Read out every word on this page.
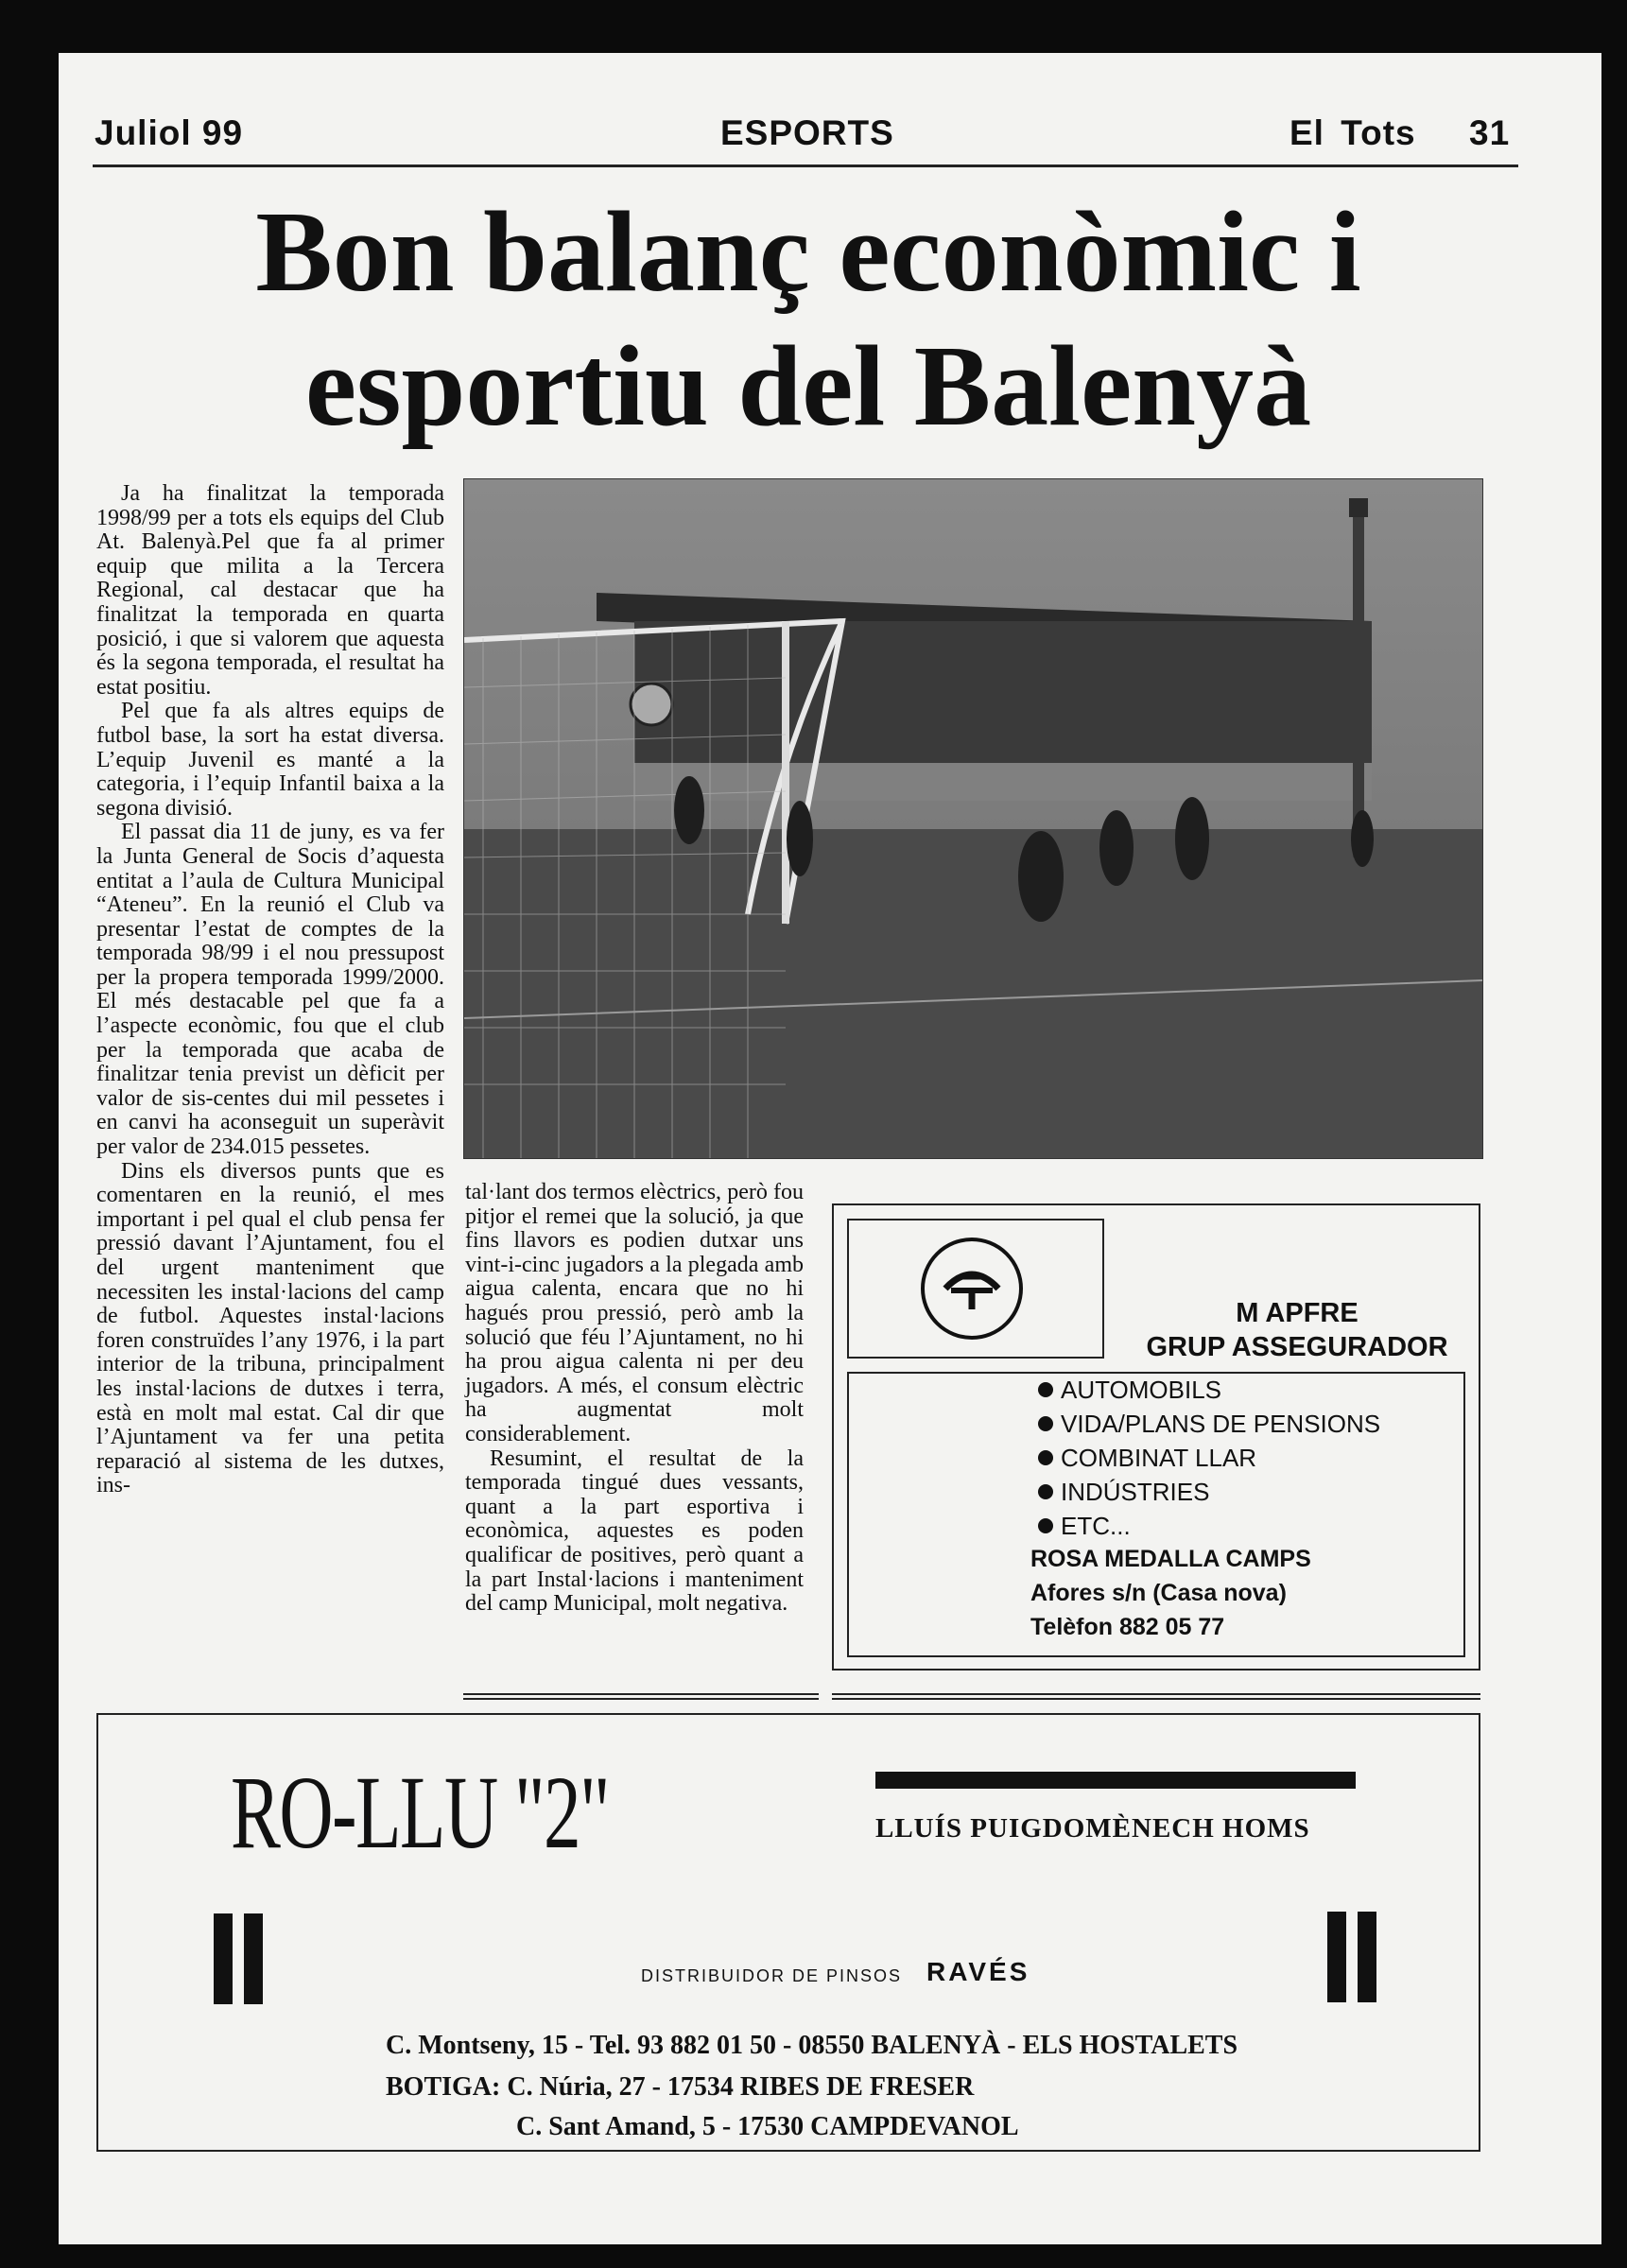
Juliol 99	ESPORTS	El Tots 31
Bon balanç econòmic i
esportiu del Balenyà

Ja ha finalitzat la temporada 1998/99 per a tots els equips del Club At. Balenyà.Pel que fa al primer equip que milita a la Tercera Regional, cal destacar que ha finalitzat la temporada en quarta posició, i que si valorem que aquesta és la segona temporada, el resultat ha estat positiu.

Pel que fa als altres equips de futbol base, la sort ha estat diversa. L’equip Juvenil es manté a la categoria, i l’equip Infantil baixa a la segona divisió.

El passat dia 11 de juny, es va fer la Junta General de Socis d’aquesta entitat a l’aula de Cultura Municipal “Ateneu”. En la reunió el Club va presentar l’estat de comptes de la temporada 98/99 i el nou pressupost per la propera temporada 1999/2000. El més destacable pel que fa a l’aspecte econòmic, fou que el club per la temporada que acaba de finalitzar tenia previst un dèficit per valor de sis-centes dui mil pessetes i en canvi ha aconseguit un superàvit per valor de 234.015 pessetes.

Dins els diversos punts que es comentaren en la reunió, el mes important i pel qual el club pensa fer pressió davant l’Ajuntament, fou el del urgent manteniment que necessiten les instal·lacions del camp de futbol. Aquestes instal·lacions foren construïdes l’any 1976, i la part interior de la tribuna, principalment les instal·lacions de dutxes i terra, està en molt mal estat. Cal dir que l’Ajuntament va fer una petita reparació al sistema de les dutxes, ins-

tal·lant dos termos elèctrics, però fou pitjor el remei que la solució, ja que fins llavors es podien dutxar uns vint-i-cinc jugadors a la plegada amb aigua calenta, encara que no hi hagués prou pressió, però amb la solució que féu l’Ajuntament, no hi ha prou aigua calenta ni per deu jugadors. A més, el consum elèctric ha augmentat molt considerablement.

Resumint, el resultat de la temporada tingué dues vessants, quant a la part esportiva i econòmica, aquestes es poden qualificar de positives, però quant a la part Instal·lacions i manteniment del camp Municipal, molt negativa.

M APFRE
GRUP ASSEGURADOR
AUTOMOBILS
VIDA/PLANS DE PENSIONS
COMBINAT LLAR
INDÚSTRIES
ETC...
ROSA MEDALLA CAMPS
Afores s/n (Casa nova)
Telèfon 882 05 77
RO-LLU "2"	LLUÍS PUIGDOMÈNECH HOMS
DISTRIBUIDOR DE PINSOS RAVÉS
C. Montseny, 15 - Tel. 93 882 01 50 - 08550 BALENYÀ - ELS HOSTALETS
BOTIGA: C. Núria, 27 - 17534 RIBES DE FRESER
C. Sant Amand, 5 - 17530 CAMPDEVANOL
